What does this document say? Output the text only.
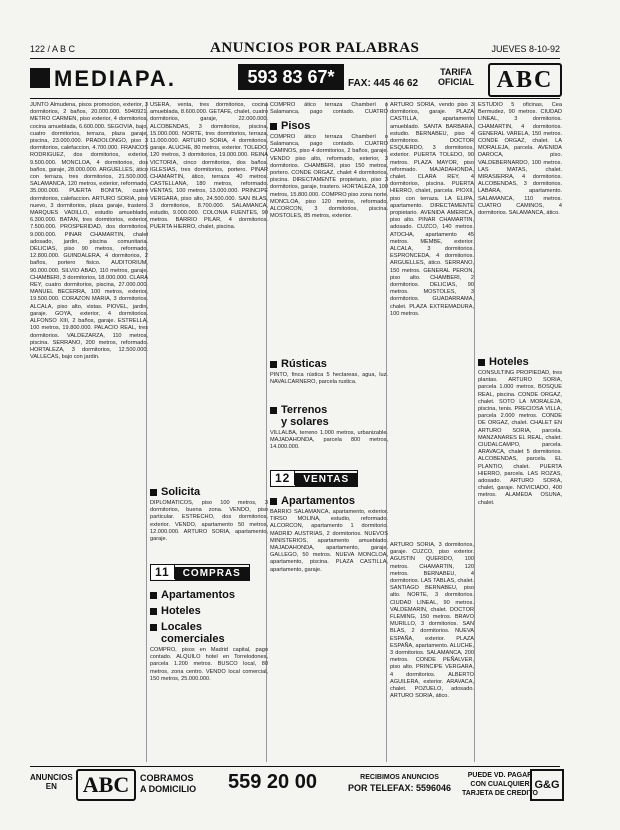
122 / A B C	ANUNCIOS POR PALABRAS	JUEVES 8-10-92
MEDIAPA.	593 83 67*	FAX: 445 46 62
TARIFA
OFICIAL ABC
JUNTO Almudena, pisos promocion, exterior, 3 dormitorios, 2 baños, 20.000.000. 5940921. METRO CARMEN, piso exterior, 4 dormitorios, cocina amueblada, 6.600.000. SEGOVIA, bajo, cuatro dormitorios, terraza, plaza garaje, piscina, 23.000.000. PRADOLONGO, piso 3 dormitorios, calefaccion, 4.700.000. FRANCOS RODRIGUEZ, dos dormitorios, exterior, 9.500.000. MONCLOA, 4 dormitorios, dos baños, garaje, 28.000.000. ARGUELLES, ático con terraza, tres dormitorios, 21.500.000. SALAMANCA, 120 metros, exterior, reformado, 35.000.000. PUERTA BONITA, cuatro dormitorios, calefaccion. ARTURO SORIA, piso nuevo, 3 dormitorios, plaza garaje, trastero. MARQUES VADILLO, estudio amueblado, 6.300.000. BATAN, tres dormitorios, exterior, 7.500.000. PROSPERIDAD, dos dormitorios, 9.000.000. PINAR CHAMARTIN, chalet adosado, jardin, piscina comunitaria. DELICIAS, piso 90 metros, reformado, 12.800.000. GUINDALERA, 4 dormitorios, 2 baños, portero fisico. AUDITORIUM, 90.000.000. SILVIO ABAD, 110 metros, garaje. CHAMBERI, 3 dormitorios, 18.000.000. CLARA REY, cuatro dormitorios, piscina, 27.000.000. MANUEL BECERRA, 100 metros, exterior, 19.500.000. CORAZON MARIA, 3 dormitorios. ALCALA, piso alto, vistas. PIOVEL, jardin, garaje. GOYA, exterior, 4 dormitorios. ALFONSO XIII, 2 baños, garaje. ESTRELLA, 100 metros, 19.800.000. PALACIO REAL, tres dormitorios. VALDEZARZA, 110 metros, piscina. SERRANO, 200 metros, reformado. HORTALEZA, 3 dormitorios, 12.500.000. VALLECAS, bajo con jardin.
USERA, venta, tres dormitorios, cocina amueblada, 8.600.000. GETAFE, chalet, cuatro dormitorios, garaje, 22.000.000. ALCOBENDAS, 3 dormitorios, piscina, 15.000.000. NORTE, tres dormitorios, terraza, 11.000.000. ARTURO SORIA, 4 dormitorios, garaje. ALUCHE, 80 metros, exterior. TOLEDO, 120 metros, 3 dormitorios, 19.000.000. REINA VICTORIA, cinco dormitorios, dos baños. IGLESIAS, tres dormitorios, portero. PINAR CHAMARTIN, ático, terraza 40 metros. CASTELLANA, 180 metros, reformado. VENTAS, 100 metros, 13.000.000. PRINCIPE VERGARA, piso alto, 24.500.000. SAN BLAS, 3 dormitorios, 8.700.000. SALAMANCA, estudio, 9.000.000. COLONIA FUENTES, 90 metros. BARRIO PILAR, 4 dormitorios. PUERTA HIERRO, chalet, piscina.
Solicita
DIPLOMATICOS, piso 100 metros, 3 dormitorios, buena zona. VENDO, piso particular. ESTRECHO, dos dormitorios, exterior. VENDO, apartamento 50 metros, 12.000.000. ARTURO SORIA, apartamento, garaje.
11 COMPRAS
Apartamentos
Hoteles
Locales
comerciales
COMPRO, pisos en Madrid capital, pago contado. ALQUILO hotel en Torrelodones, parcela 1.200 metros. BUSCO local, 80 metros, zona centro. VENDO local comercial, 150 metros, 25.000.000.
COMPRO ático terraza Chamberí o Salamanca, pago contado. CUATRO
Pisos
COMPRO ático terraza Chamberí o Salamanca, pago contado. CUATRO CAMINOS, piso 4 dormitorios, 2 baños, garaje. VENDO piso alto, reformado, exterior, 3 dormitorios. CHAMBERI, piso 150 metros, portero. CONDE ORGAZ, chalet 4 dormitorios, piscina. DIRECTAMENTE propietario, piso 3 dormitorios, garaje, trastero. HORTALEZA, 100 metros, 15.800.000. COMPRO piso zona norte. MONCLOA, piso 120 metros, reformado. ALCORCON, 3 dormitorios, piscina. MOSTOLES, 85 metros, exterior.
Rústicas
PINTO, finca rústica 5 hectareas, agua, luz. NAVALCARNERO, parcela rustica.
Terrenos
y solares
VILLALBA, terreno 1.000 metros, urbanizable. MAJADAHONDA, parcela 800 metros, 14.000.000.
12 VENTAS
Apartamentos
BARRIO SALAMANCA, apartamento, exterior. TIRSO MOLINA, estudio, reformado. ALCORCON, apartamento 1 dormitorio. MADRID AUSTRIAS, 2 dormitorios. NUEVOS MINISTERIOS, apartamento amueblado. MAJADAHONDA, apartamento, garaje. GALLEGO, 50 metros. NUEVA MONCLOA, apartamento, piscina. PLAZA CASTILLA, apartamento, garaje.
ARTURO SORIA, vendo piso 3 dormitorios, garaje. PLAZA CASTILLA, apartamento amueblado. SANTA BARBARA, estudio. BERNABEU, piso 4 dormitorios. DOCTOR ESQUERDO, 3 dormitorios, exterior. PUERTA TOLEDO, 90 metros. PLAZA MAYOR, piso reformado. MAJADAHONDA, chalet. CLARA REY, 4 dormitorios, piscina. PUERTA HIERRO, chalet, parcela. PIOXII, piso con terraza. LA ELIPA, apartamento. DIRECTAMENTE propietario. AVENIDA AMERICA, piso alto. PINAR CHAMARTIN, adosado. CUZCO, 140 metros. ATOCHA, apartamento 45 metros. MEMBE, exterior. ALCALA, 3 dormitorios. ESPRONCEDA, 4 dormitorios. ARGUELLES, ático. SERRANO, 150 metros. GENERAL PERON, piso alto. CHAMBERI, 2 dormitorios. DELICIAS, 90 metros. MOSTOLES, 3 dormitorios. GUADARRAMA, chalet. PLAZA EXTREMADURA, 100 metros.
ARTURO SORIA, 3 dormitorios, garaje. CUZCO, piso exterior. AGUSTIN QUERIDO, 100 metros. CHAMARTIN, 120 metros. BERNABEU, 4 dormitorios. LAS TABLAS, chalet. SANTIAGO BERNABEU, piso alto. NORTE, 3 dormitorios. CIUDAD LINEAL, 90 metros. VALDEMARIN, chalet. DOCTOR FLEMING, 150 metros. BRAVO MURILLO, 3 dormitorios. SAN BLAS, 2 dormitorios. NUEVA ESPAÑA, exterior. PLAZA ESPAÑA, apartamento. ALUCHE, 3 dormitorios. SALAMANCA, 200 metros. CONDE PEÑALVER, piso alto. PRINCIPE VERGARA, 4 dormitorios. ALBERTO AGUILERA, exterior. ARAVACA, chalet. POZUELO, adosado. ARTURO SORIA, ático.
ESTUDIO 5 oficinas, Cea Bermudez, 90 metros. CIUDAD LINEAL, 3 dormitorios. CHAMARTIN, 4 dormitorios. GENERAL VARELA, 150 metros. CONDE ORGAZ, chalet. LA MORALEJA, parcela. AVENIDA DAROCA, piso. VALDEBERNARDO, 100 metros. LAS MATAS, chalet. MIRASIERRA, 4 dormitorios. ALCOBENDAS, 3 dormitorios. LABARA, apartamento. SALAMANCA, 110 metros. CUATRO CAMINOS, 4 dormitorios. SALAMANCA, ático.
Hoteles
CONSULTING PROPIEDAD, tres plantas. ARTURO SORIA, parcela 1.000 metros. BOSQUE REAL, piscina. CONDE ORGAZ, chalet. SOTO LA MORALEJA, piscina, tenis. PRECIOSA VILLA, parcela 2.000 metros. CONDE DE ORGAZ, chalet. CHALET EN ARTURO SORIA, parcela. MANZANARES EL REAL, chalet. CIUDALCAMPO, parcela. ARAVACA, chalet 5 dormitorios. ALCOBENDAS, parcela. EL PLANTIO, chalet. PUERTA HIERRO, parcela. LAS ROZAS, adosado. ARTURO SORIA, chalet, garaje. NOVICIADO, 400 metros. ALAMEDA OSUNA, chalet.
ANUNCIOS
EN	ABC	COBRAMOS
A DOMICILIO 559 20 00	RECIBIMOS ANUNCIOS
POR TELEFAX: 5596046
PUEDE VD. PAGAR
CON CUALQUIER
TARJETA DE CREDITO
G&G
